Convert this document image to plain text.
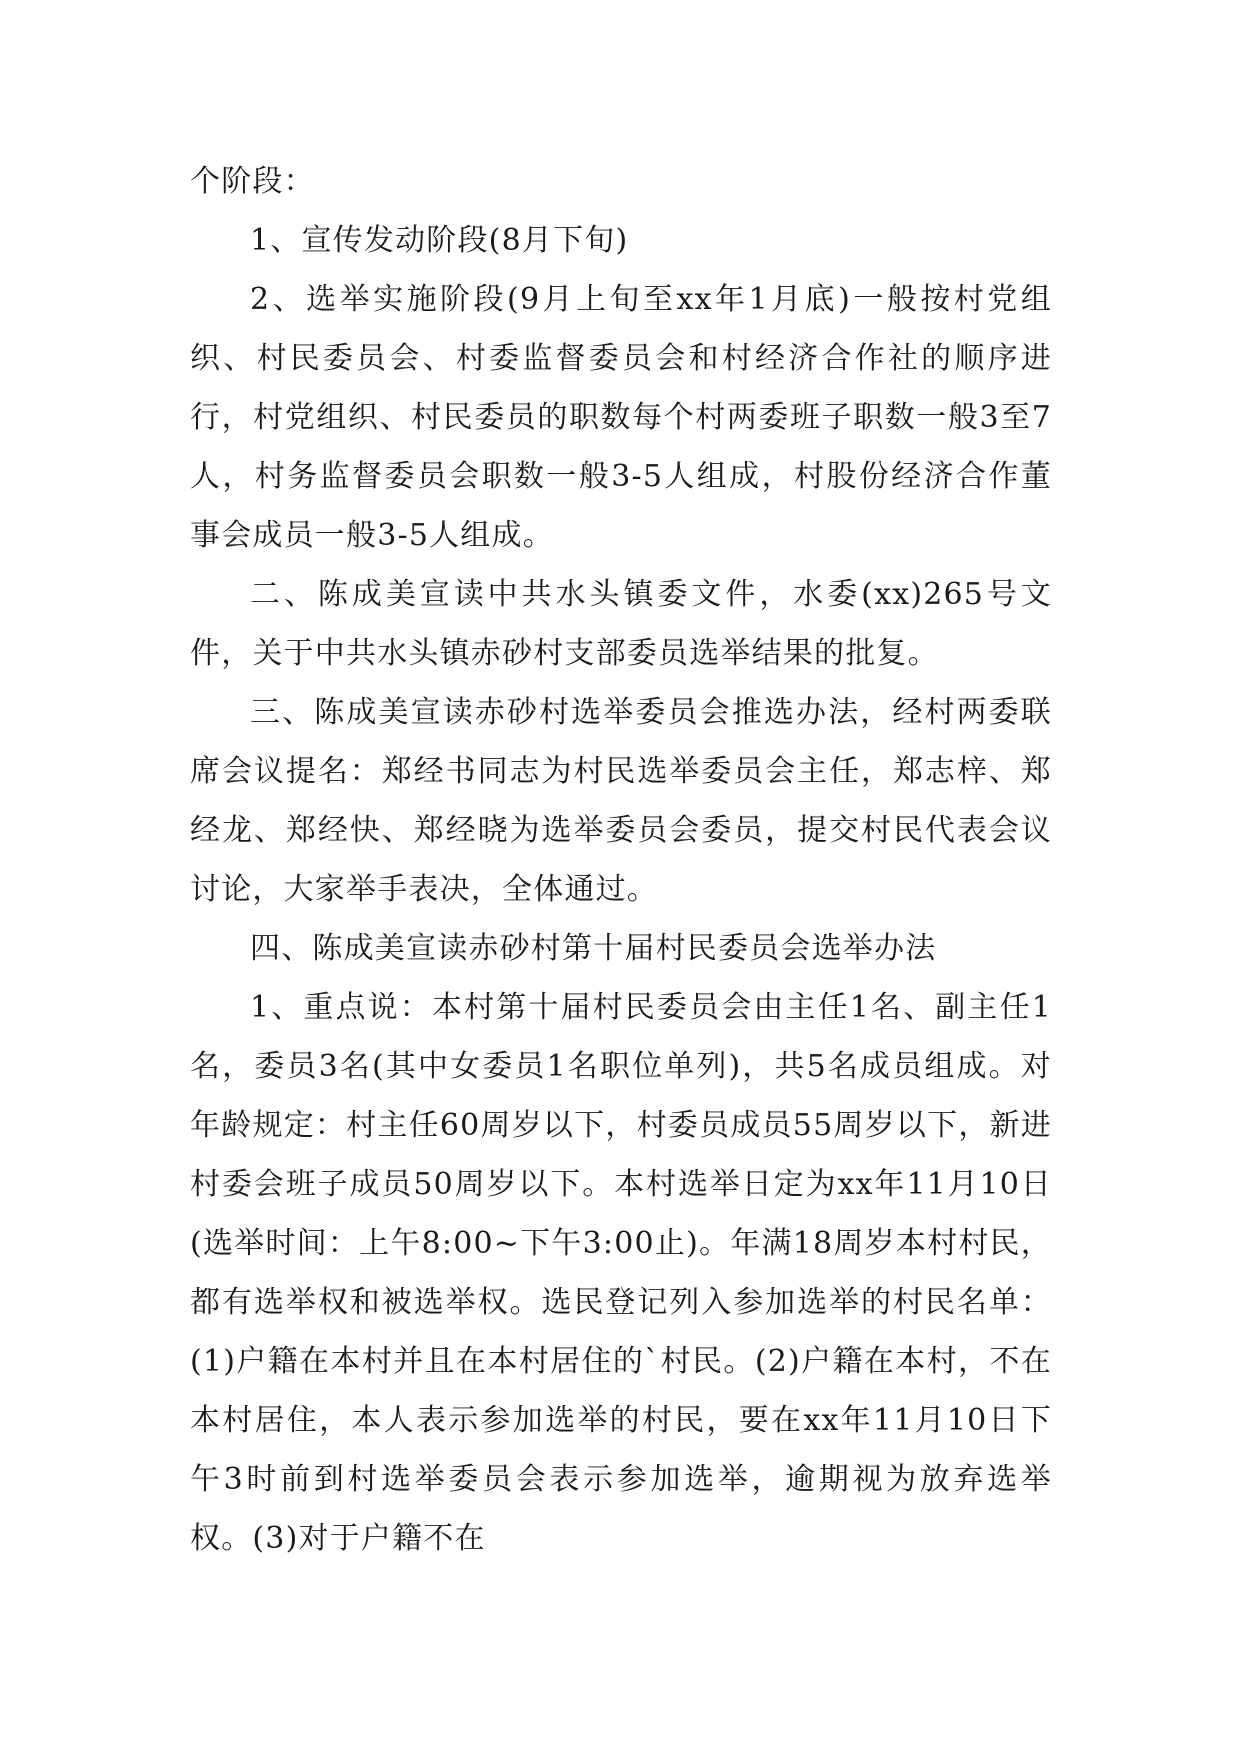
个阶段：

1、宣传发动阶段(8月下旬)

2、选举实施阶段(9月上旬至xx年1月底)一般按村党组织、村民委员会、村委监督委员会和村经济合作社的顺序进行，村党组织、村民委员的职数每个村两委班子职数一般3至7人，村务监督委员会职数一般3-5人组成，村股份经济合作董事会成员一般3-5人组成。

二、陈成美宣读中共水头镇委文件，水委(xx)265号文件，关于中共水头镇赤砂村支部委员选举结果的批复。

三、陈成美宣读赤砂村选举委员会推选办法，经村两委联席会议提名：郑经书同志为村民选举委员会主任，郑志梓、郑经龙、郑经快、郑经晓为选举委员会委员，提交村民代表会议讨论，大家举手表决，全体通过。

四、陈成美宣读赤砂村第十届村民委员会选举办法

1、重点说：本村第十届村民委员会由主任1名、副主任1名，委员3名(其中女委员1名职位单列)，共5名成员组成。对年龄规定：村主任60周岁以下，村委员成员55周岁以下，新进村委会班子成员50周岁以下。本村选举日定为xx年11月10日(选举时间：上午8:00~下午3:00止)。年满18周岁本村村民，都有选举权和被选举权。选民登记列入参加选举的村民名单：(1)户籍在本村并且在本村居住的`村民。(2)户籍在本村，不在本村居住，本人表示参加选举的村民，要在xx年11月10日下午3时前到村选举委员会表示参加选举，逾期视为放弃选举权。(3)对于户籍不在
